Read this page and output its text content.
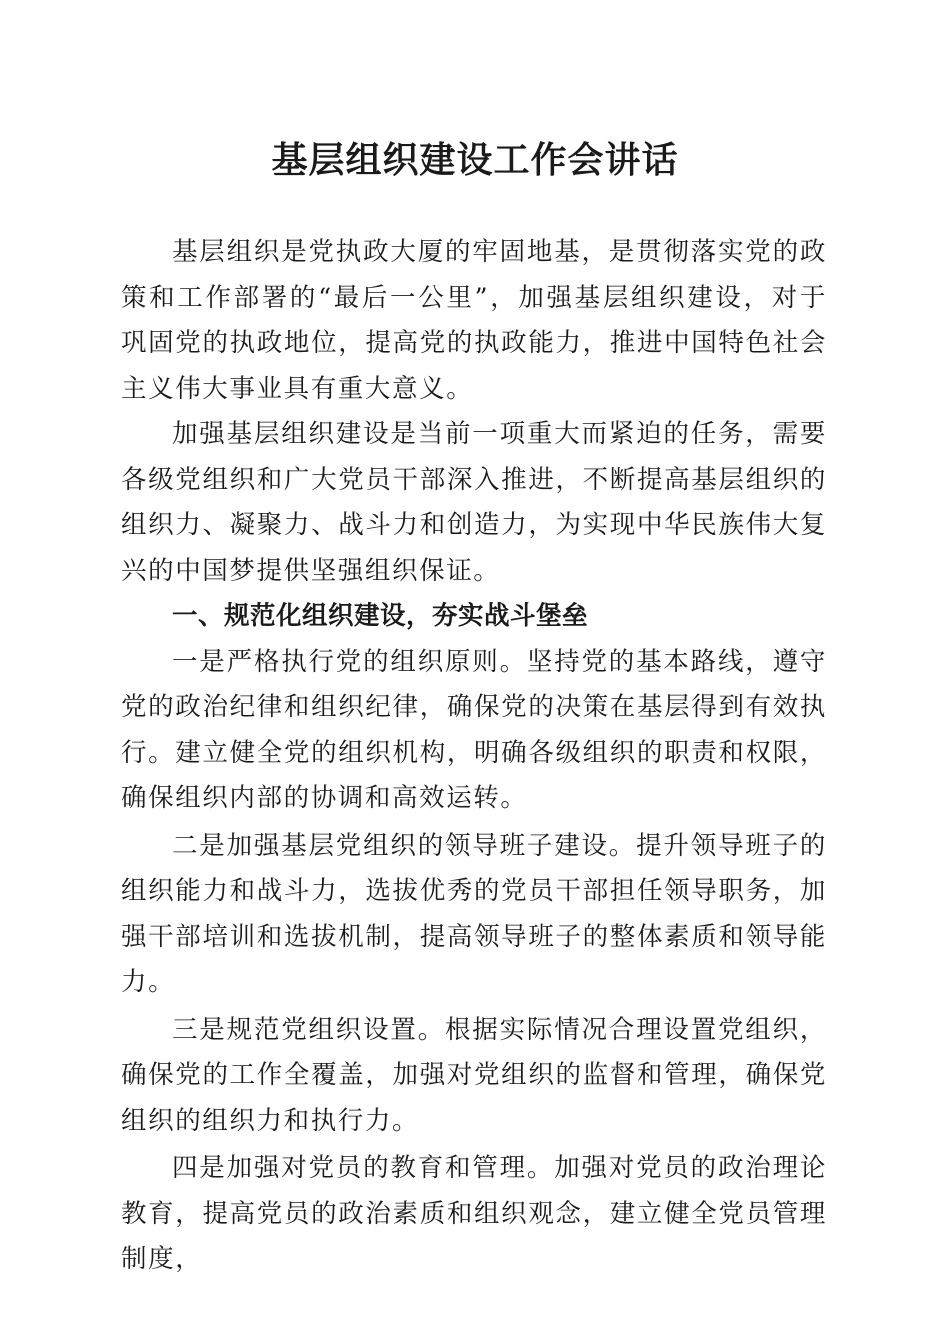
基层组织建设工作会讲话

基层组织是党执政大厦的牢固地基，是贯彻落实党的政策和工作部署的“最后一公里”，加强基层组织建设，对于巩固党的执政地位，提高党的执政能力，推进中国特色社会主义伟大事业具有重大意义。

加强基层组织建设是当前一项重大而紧迫的任务，需要各级党组织和广大党员干部深入推进，不断提高基层组织的组织力、凝聚力、战斗力和创造力，为实现中华民族伟大复兴的中国梦提供坚强组织保证。

一、规范化组织建设，夯实战斗堡垒

一是严格执行党的组织原则。坚持党的基本路线，遵守党的政治纪律和组织纪律，确保党的决策在基层得到有效执行。建立健全党的组织机构，明确各级组织的职责和权限，确保组织内部的协调和高效运转。

二是加强基层党组织的领导班子建设。提升领导班子的组织能力和战斗力，选拔优秀的党员干部担任领导职务，加强干部培训和选拔机制，提高领导班子的整体素质和领导能力。

三是规范党组织设置。根据实际情况合理设置党组织，确保党的工作全覆盖，加强对党组织的监督和管理，确保党组织的组织力和执行力。

四是加强对党员的教育和管理。加强对党员的政治理论教育，提高党员的政治素质和组织观念，建立健全党员管理制度，
